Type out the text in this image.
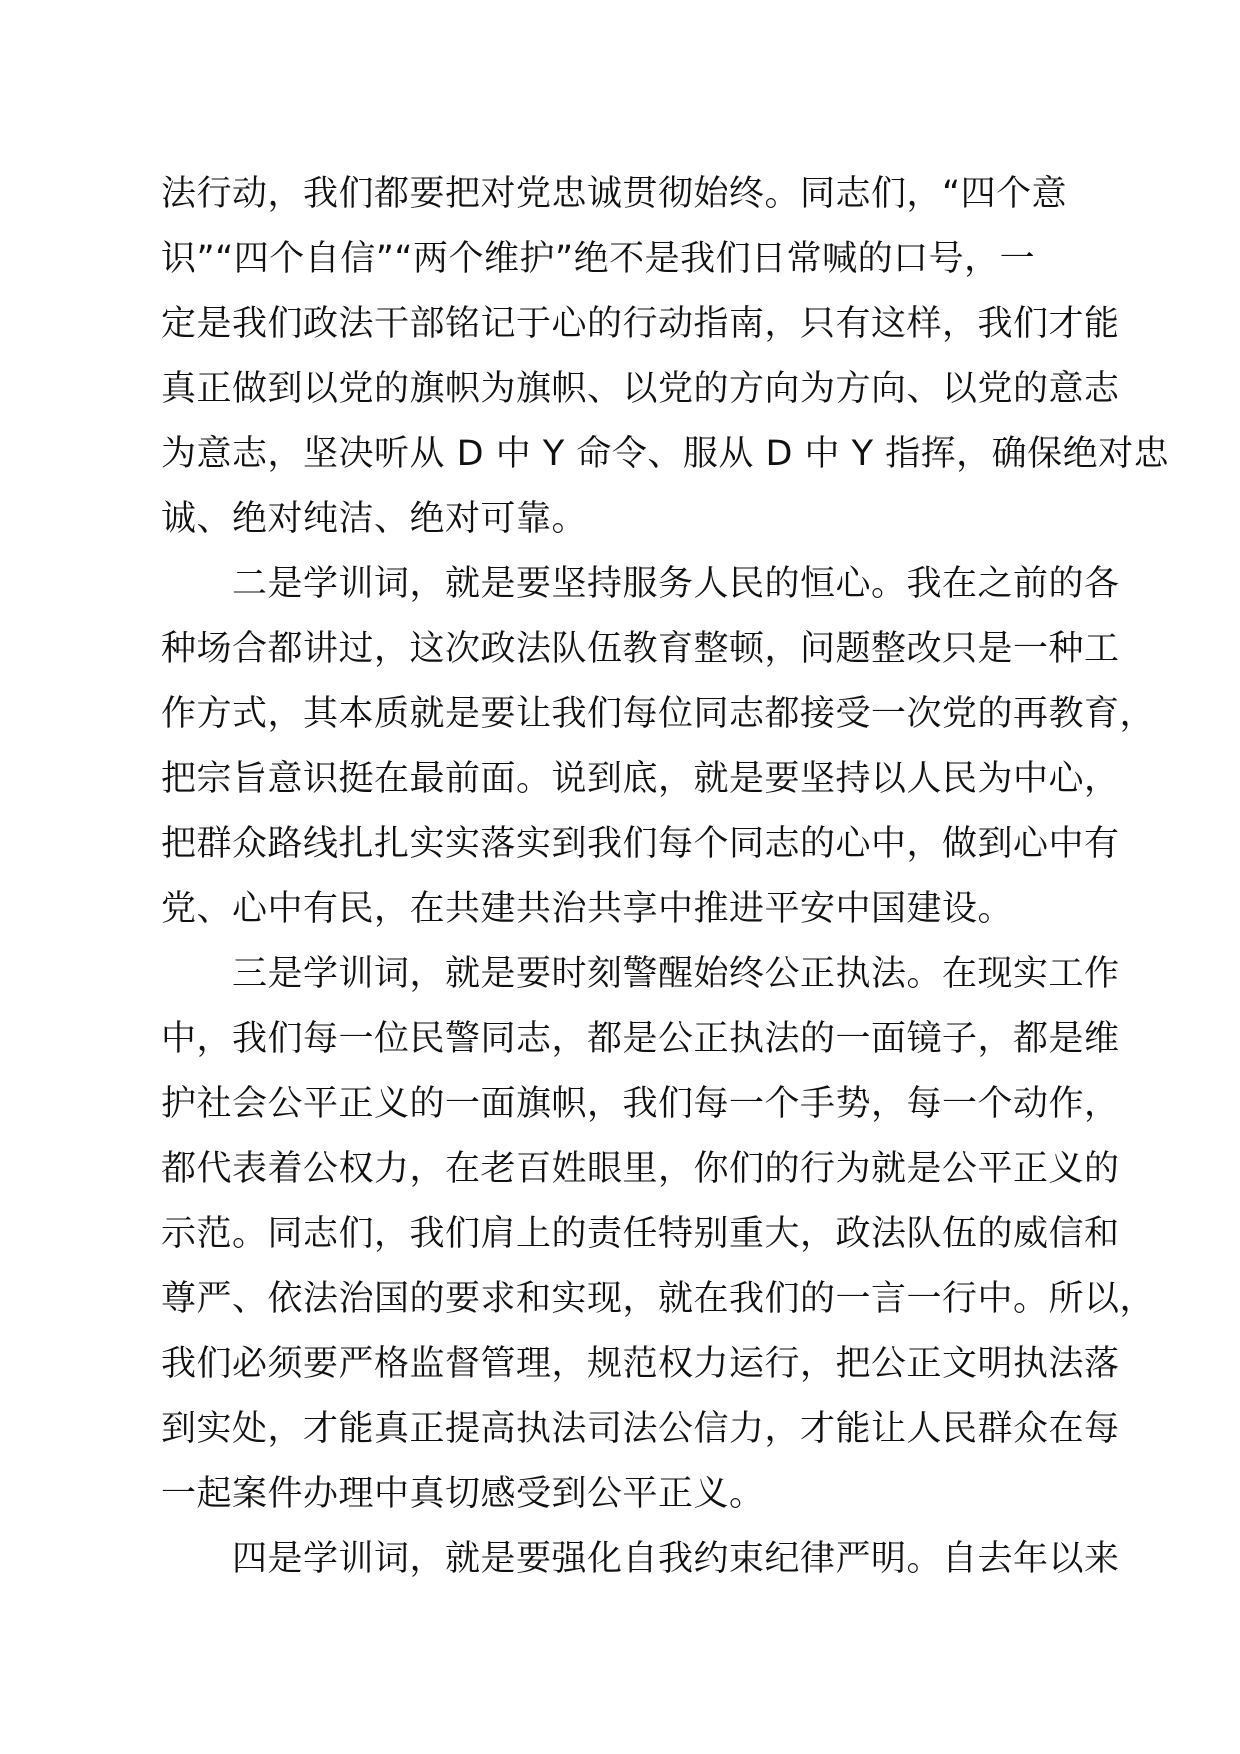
法行动，我们都要把对党忠诚贯彻始终。同志们，“四个意
识”“四个自信”“两个维护”绝不是我们日常喊的口号，一
定是我们政法干部铭记于心的行动指南，只有这样，我们才能
真正做到以党的旗帜为旗帜、以党的方向为方向、以党的意志
为意志，坚决听从 D 中 Y 命令、服从 D 中 Y 指挥，确保绝对忠
诚、绝对纯洁、绝对可靠。
　　二是学训词，就是要坚持服务人民的恒心。我在之前的各
种场合都讲过，这次政法队伍教育整顿，问题整改只是一种工
作方式，其本质就是要让我们每位同志都接受一次党的再教育，
把宗旨意识挺在最前面。说到底，就是要坚持以人民为中心，
把群众路线扎扎实实落实到我们每个同志的心中，做到心中有
党、心中有民，在共建共治共享中推进平安中国建设。
　　三是学训词，就是要时刻警醒始终公正执法。在现实工作
中，我们每一位民警同志，都是公正执法的一面镜子，都是维
护社会公平正义的一面旗帜，我们每一个手势，每一个动作，
都代表着公权力，在老百姓眼里，你们的行为就是公平正义的
示范。同志们，我们肩上的责任特别重大，政法队伍的威信和
尊严、依法治国的要求和实现，就在我们的一言一行中。所以，
我们必须要严格监督管理，规范权力运行，把公正文明执法落
到实处，才能真正提高执法司法公信力，才能让人民群众在每
一起案件办理中真切感受到公平正义。
　　四是学训词，就是要强化自我约束纪律严明。自去年以来
